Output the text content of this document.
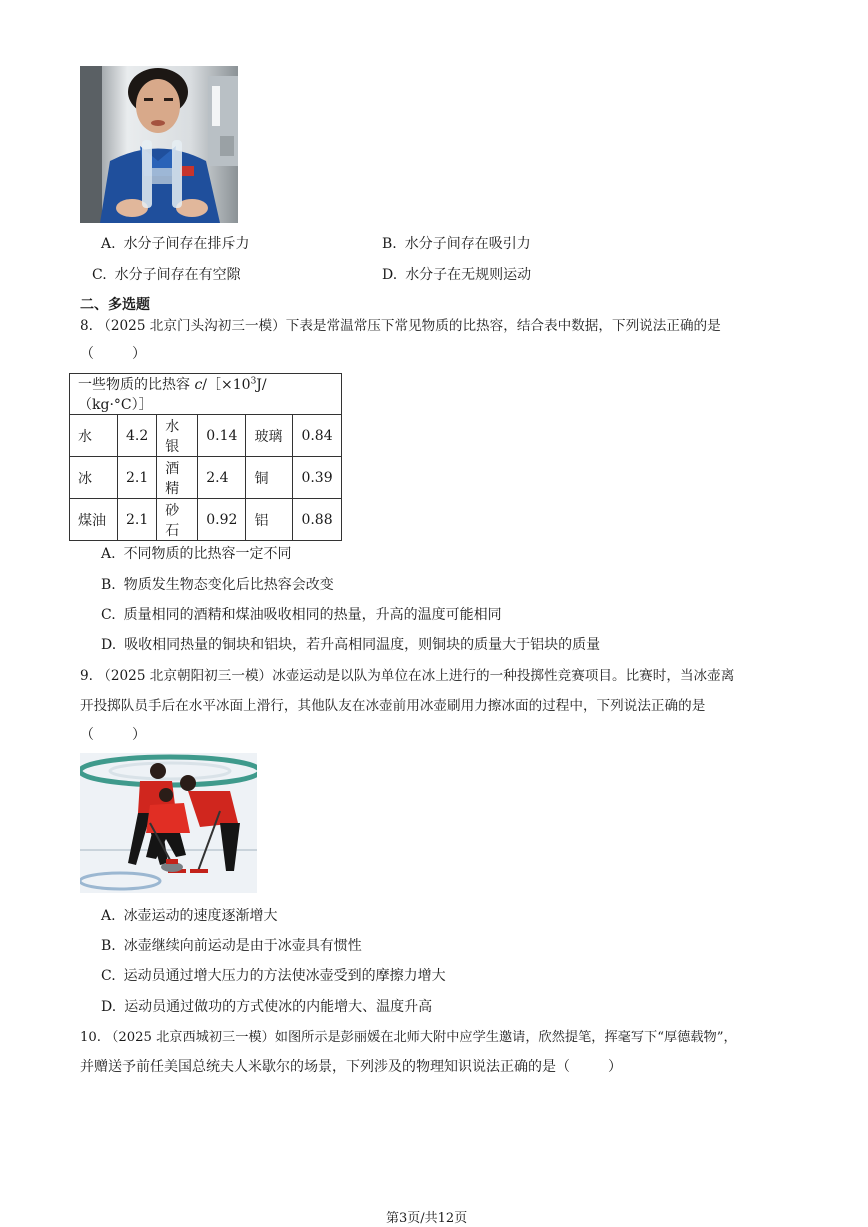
A. 水分子间存在排斥力	B. 水分子间存在吸引力
C. 水分子间存在有空隙	D. 水分子在无规则运动
二、多选题
8. （2025 北京门头沟初三一模）下表是常温常压下常见物质的比热容，结合表中数据，下列说法正确的是
（	）
一些物质的比热容 $c/[\times 10^3J/(kg\cdot^\circ C)]$					
水	4.2	水银	0.14	玻璃	0.84
冰	2.1	酒精	2.4	铜	0.39
煤油	2.1	砂石	0.92	铝	0.88
A. 不同物质的比热容一定不同
B. 物质发生物态变化后比热容会改变
C. 质量相同的酒精和煤油吸收相同的热量，升高的温度可能相同
D. 吸收相同热量的铜块和铝块，若升高相同温度，则铜块的质量大于铝块的质量
9. （2025 北京朝阳初三一模）冰壶运动是以队为单位在冰上进行的一种投掷性竞赛项目。比赛时，当冰壶离
开投掷队员手后在水平冰面上滑行，其他队友在冰壶前用冰壶刷用力擦冰面的过程中，下列说法正确的是
（	）
A. 冰壶运动的速度逐渐增大
B. 冰壶继续向前运动是由于冰壶具有惯性
C. 运动员通过增大压力的方法使冰壶受到的摩擦力增大
D. 运动员通过做功的方式使冰的内能增大、温度升高
10. （2025 北京西城初三一模）如图所示是彭丽媛在北师大附中应学生邀请，欣然提笔，挥毫写下“厚德载物”，
并赠送予前任美国总统夫人米歇尔的场景，下列涉及的物理知识说法正确的是（	）
第3页/共12页
